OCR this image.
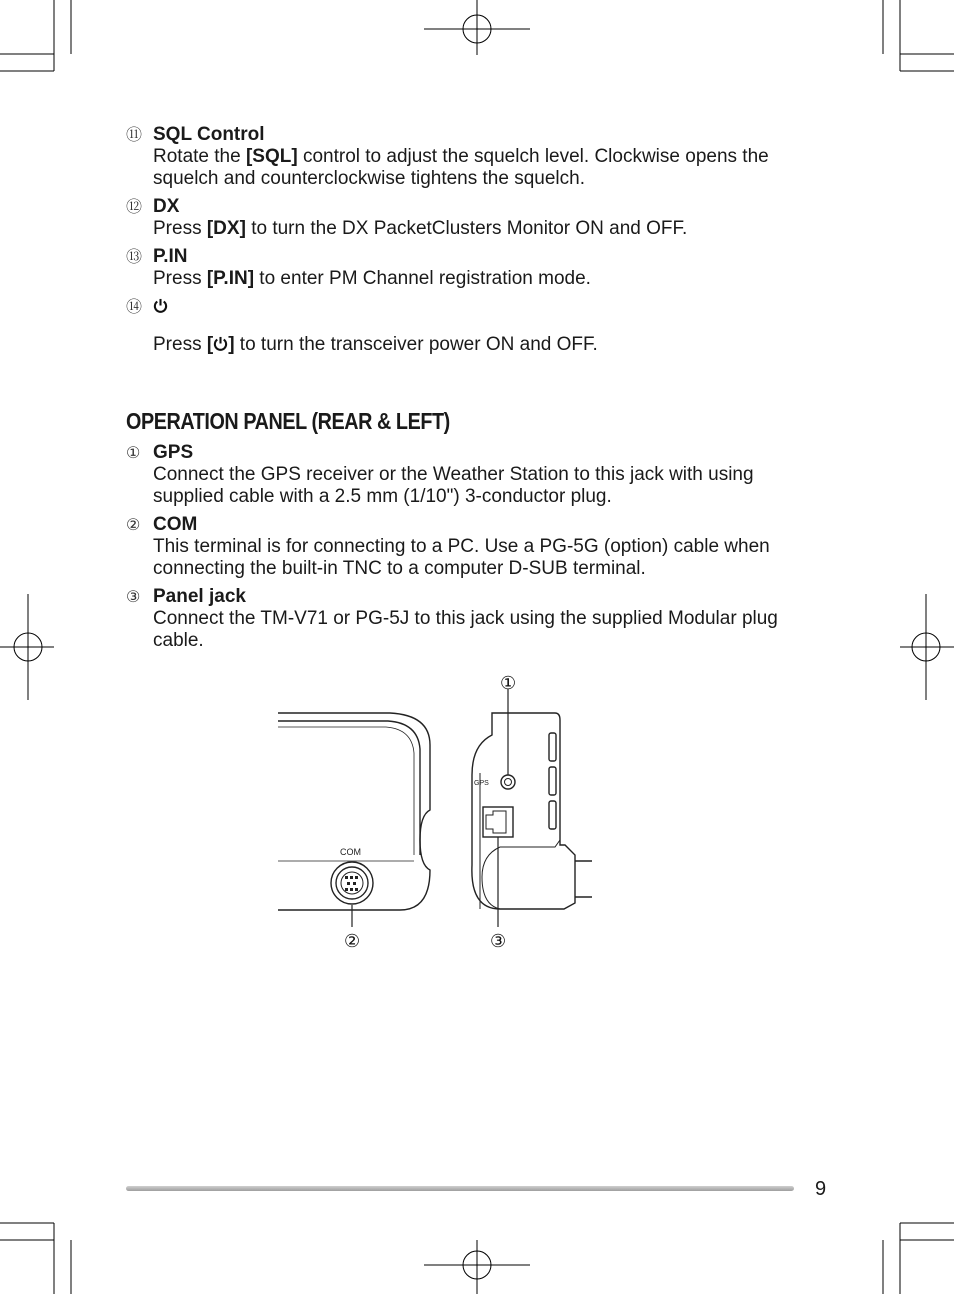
⑪ SQL Control
Rotate the [SQL] control to adjust the squelch level. Clockwise opens the squelch and counterclockwise tightens the squelch.
⑫ DX
Press [DX] to turn the DX PacketClusters Monitor ON and OFF.
⑬ P.IN
Press [P.IN] to enter PM Channel registration mode.
⑭
Press [ ] to turn the transceiver power ON and OFF.
OPERATION PANEL (REAR & LEFT)
① GPS
Connect the GPS receiver or the Weather Station to this jack with using supplied cable with a 2.5 mm (1/10") 3-conductor plug.
② COM
This terminal is for connecting to a PC. Use a PG-5G (option) cable when connecting the built-in TNC to a computer D-SUB terminal.
③ Panel jack
Connect the TM-V71 or PG-5J to this jack using the supplied Modular plug cable.
COM
GPS
①
②	③
9
